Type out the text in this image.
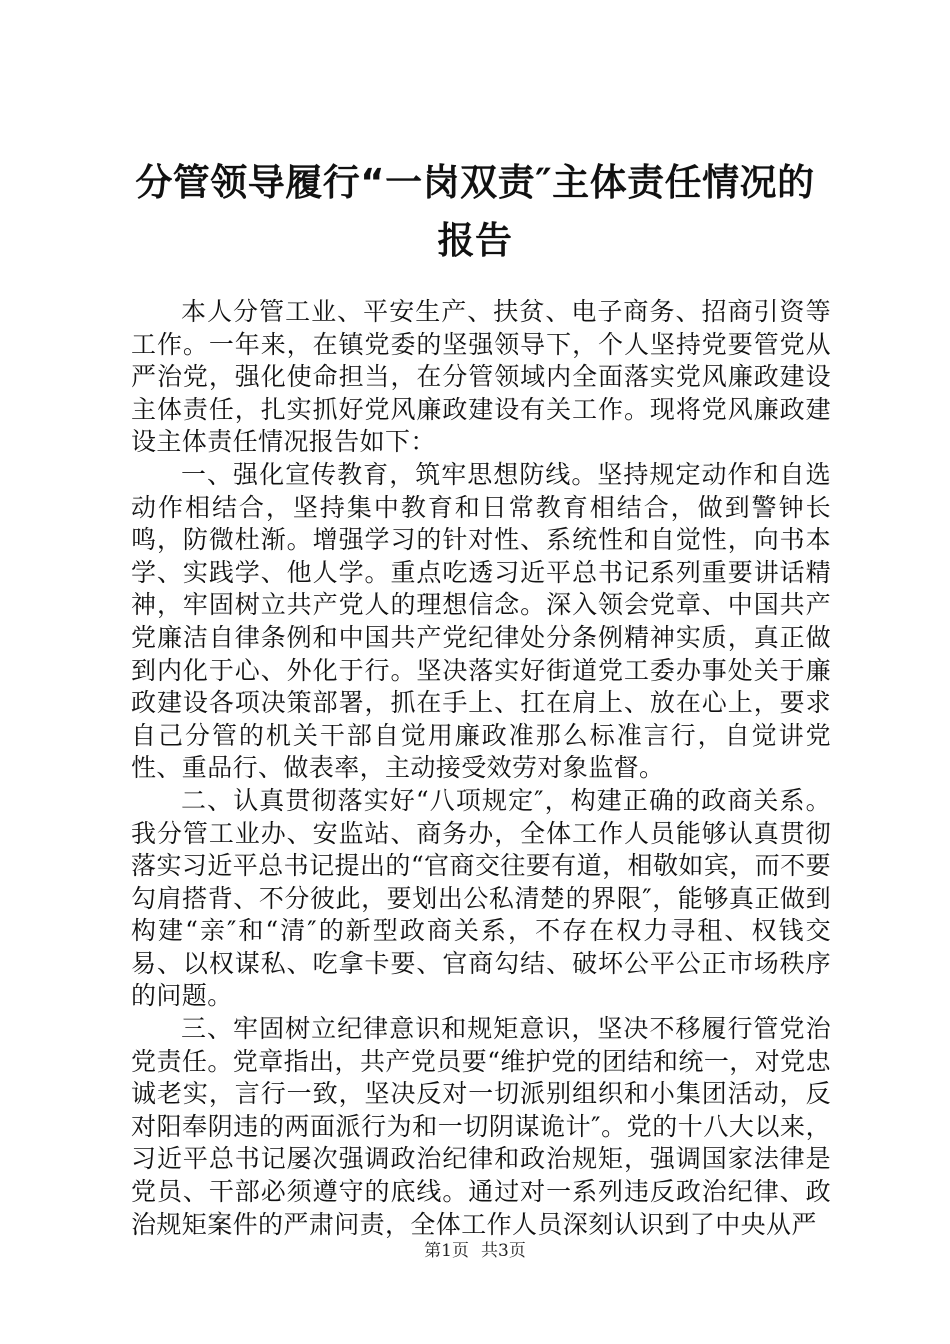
分管领导履行“一岗双责″主体责任情况的报告

本人分管工业、平安生产、扶贫、电子商务、招商引资等工作。一年来，在镇党委的坚强领导下，个人坚持党要管党从严治党，强化使命担当，在分管领域内全面落实党风廉政建设主体责任，扎实抓好党风廉政建设有关工作。现将党风廉政建设主体责任情况报告如下：

一、强化宣传教育，筑牢思想防线。坚持规定动作和自选动作相结合，坚持集中教育和日常教育相结合，做到警钟长鸣，防微杜渐。增强学习的针对性、系统性和自觉性，向书本学、实践学、他人学。重点吃透习近平总书记系列重要讲话精神，牢固树立共产党人的理想信念。深入领会党章、中国共产党廉洁自律条例和中国共产党纪律处分条例精神实质，真正做到内化于心、外化于行。坚决落实好街道党工委办事处关于廉政建设各项决策部署，抓在手上、扛在肩上、放在心上，要求自己分管的机关干部自觉用廉政准那么标准言行，自觉讲党性、重品行、做表率，主动接受效劳对象监督。

二、认真贯彻落实好“八项规定″，构建正确的政商关系。我分管工业办、安监站、商务办，全体工作人员能够认真贯彻落实习近平总书记提出的“官商交往要有道，相敬如宾，而不要勾肩搭背、不分彼此，要划出公私清楚的界限″，能够真正做到构建“亲″和“清″的新型政商关系，不存在权力寻租、权钱交易、以权谋私、吃拿卡要、官商勾结、破坏公平公正市场秩序的问题。

三、牢固树立纪律意识和规矩意识，坚决不移履行管党治党责任。党章指出，共产党员要“维护党的团结和统一，对党忠诚老实，言行一致，坚决反对一切派别组织和小集团活动，反对阳奉阴违的两面派行为和一切阴谋诡计″。党的十八大以来，习近平总书记屡次强调政治纪律和政治规矩，强调国家法律是党员、干部必须遵守的底线。通过对一系列违反政治纪律、政治规矩案件的严肃问责，全体工作人员深刻认识到了中央从严

第1页 共3页
